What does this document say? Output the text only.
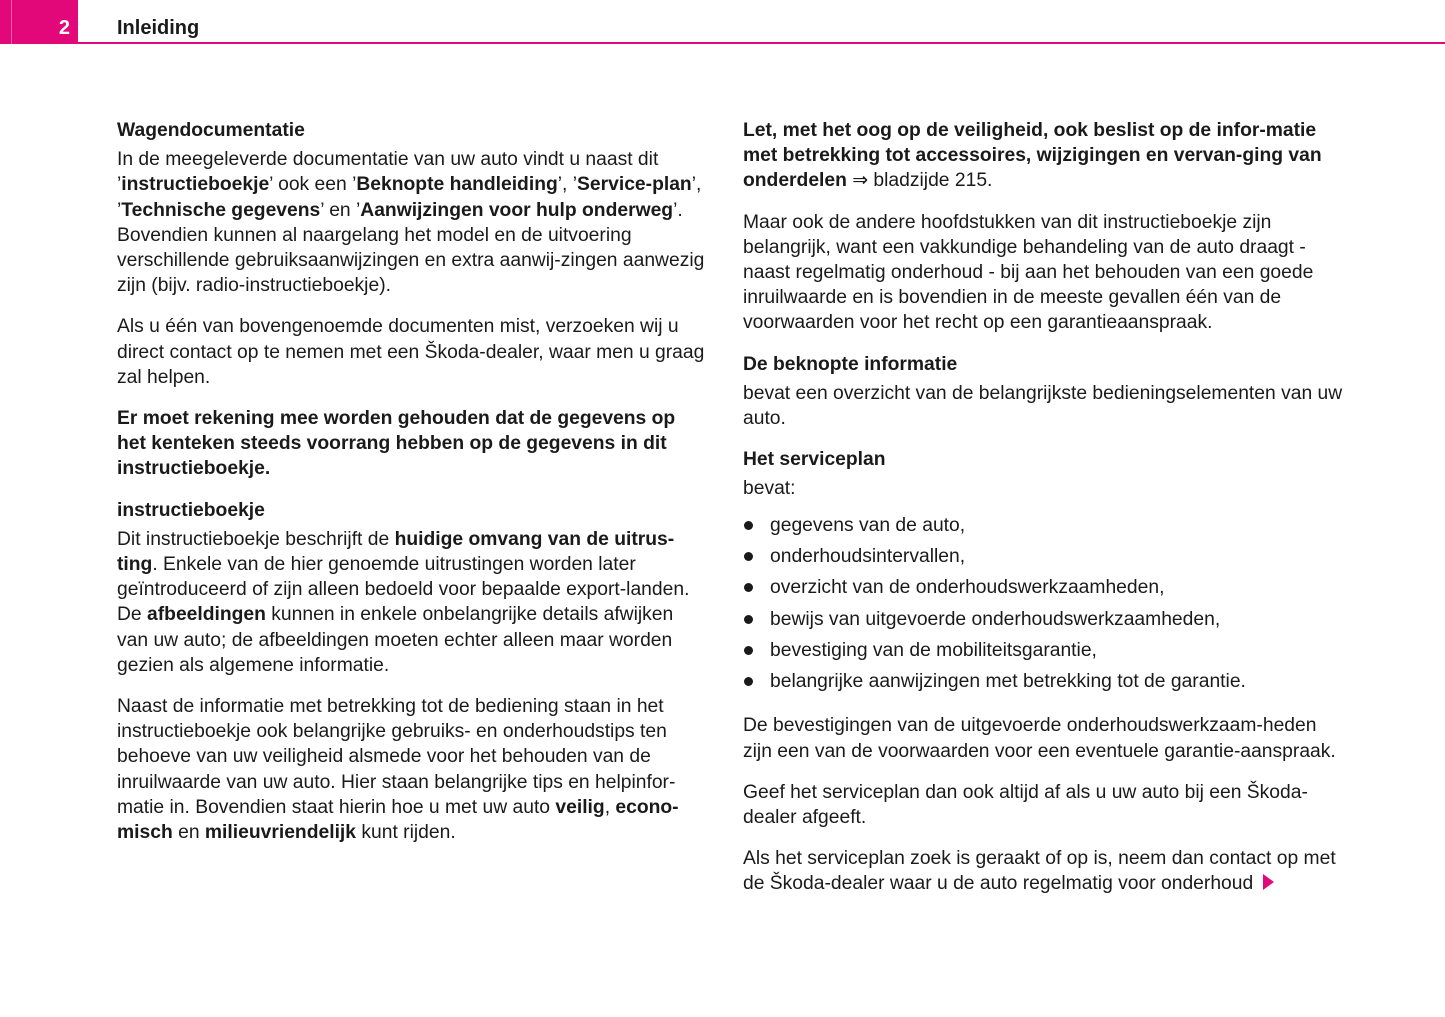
2 Inleiding
Wagendocumentatie

In de meegeleverde documentatie van uw auto vindt u naast dit ’instructieboekje’ ook een ’Beknopte handleiding’, ’Service-plan’, ’Technische gegevens’ en ’Aanwijzingen voor hulp onderweg’. Bovendien kunnen al naargelang het model en de uitvoering verschillende gebruiksaanwijzingen en extra aanwij-zingen aanwezig zijn (bijv. radio-instructieboekje).

Als u één van bovengenoemde documenten mist, verzoeken wij u direct contact op te nemen met een Škoda-dealer, waar men u graag zal helpen.

Er moet rekening mee worden gehouden dat de gegevens op het kenteken steeds voorrang hebben op de gegevens in dit instructieboekje.

instructieboekje

Dit instructieboekje beschrijft de huidige omvang van de uitrus-ting. Enkele van de hier genoemde uitrustingen worden later geïntroduceerd of zijn alleen bedoeld voor bepaalde export-landen. De afbeeldingen kunnen in enkele onbelangrijke details afwijken van uw auto; de afbeeldingen moeten echter alleen maar worden gezien als algemene informatie.

Naast de informatie met betrekking tot de bediening staan in het instructieboekje ook belangrijke gebruiks- en onderhoudstips ten behoeve van uw veiligheid alsmede voor het behouden van de inruilwaarde van uw auto. Hier staan belangrijke tips en helpinfor-matie in. Bovendien staat hierin hoe u met uw auto veilig, econo-misch en milieuvriendelijk kunt rijden.

Let, met het oog op de veiligheid, ook beslist op de infor-matie met betrekking tot accessoires, wijzigingen en vervan-ging van onderdelen ⇒ bladzijde 215.

Maar ook de andere hoofdstukken van dit instructieboekje zijn belangrijk, want een vakkundige behandeling van de auto draagt - naast regelmatig onderhoud - bij aan het behouden van een goede inruilwaarde en is bovendien in de meeste gevallen één van de voorwaarden voor het recht op een garantieaanspraak.

De beknopte informatie

bevat een overzicht van de belangrijkste bedieningselementen van uw auto.

Het serviceplan

bevat:

gegevens van de auto,
onderhoudsintervallen,
overzicht van de onderhoudswerkzaamheden,
bewijs van uitgevoerde onderhoudswerkzaamheden,
bevestiging van de mobiliteitsgarantie,
belangrijke aanwijzingen met betrekking tot de garantie.

De bevestigingen van de uitgevoerde onderhoudswerkzaam-heden zijn een van de voorwaarden voor een eventuele garantie-aanspraak.

Geef het serviceplan dan ook altijd af als u uw auto bij een Škoda-dealer afgeeft.

Als het serviceplan zoek is geraakt of op is, neem dan contact op met de Škoda-dealer waar u de auto regelmatig voor onderhoud
